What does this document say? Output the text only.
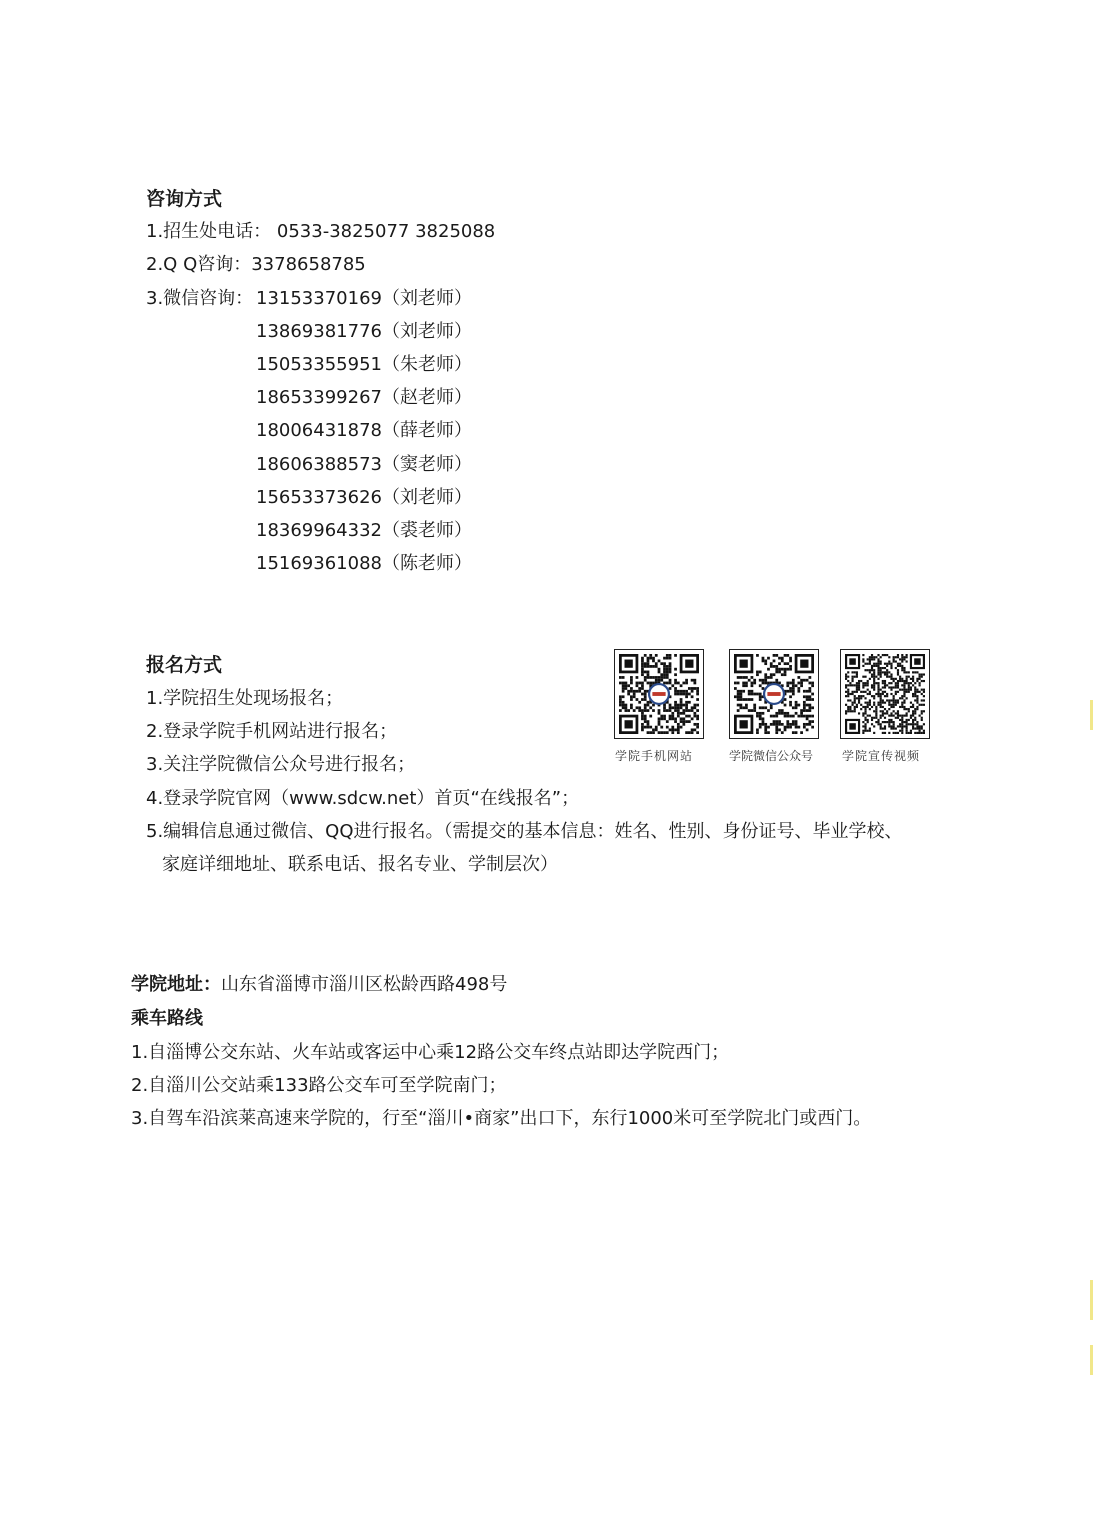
咨询方式
1.招生处电话： 0533-3825077 3825088
2.Q Q咨询：3378658785
3.微信咨询： 13153370169（刘老师）
13869381776（刘老师）
15053355951（朱老师）
18653399267（赵老师）
18006431878（薛老师）
18606388573（窦老师）
15653373626（刘老师）
18369964332（裘老师）
15169361088（陈老师）
报名方式
1.学院招生处现场报名；
2.登录学院手机网站进行报名；
3.关注学院微信公众号进行报名；
4.登录学院官网（www.sdcw.net）首页“在线报名”；
5.编辑信息通过微信、QQ进行报名。（需提交的基本信息：姓名、性别、身份证号、毕业学校、
家庭详细地址、联系电话、报名专业、学制层次）
学院手机网站	学院微信公众号 学院宣传视频
学院地址：山东省淄博市淄川区松龄西路498号
乘车路线
1.自淄博公交东站、火车站或客运中心乘12路公交车终点站即达学院西门；
2.自淄川公交站乘133路公交车可至学院南门；
3.自驾车沿滨莱高速来学院的，行至“淄川•商家”出口下，东行1000米可至学院北门或西门。
